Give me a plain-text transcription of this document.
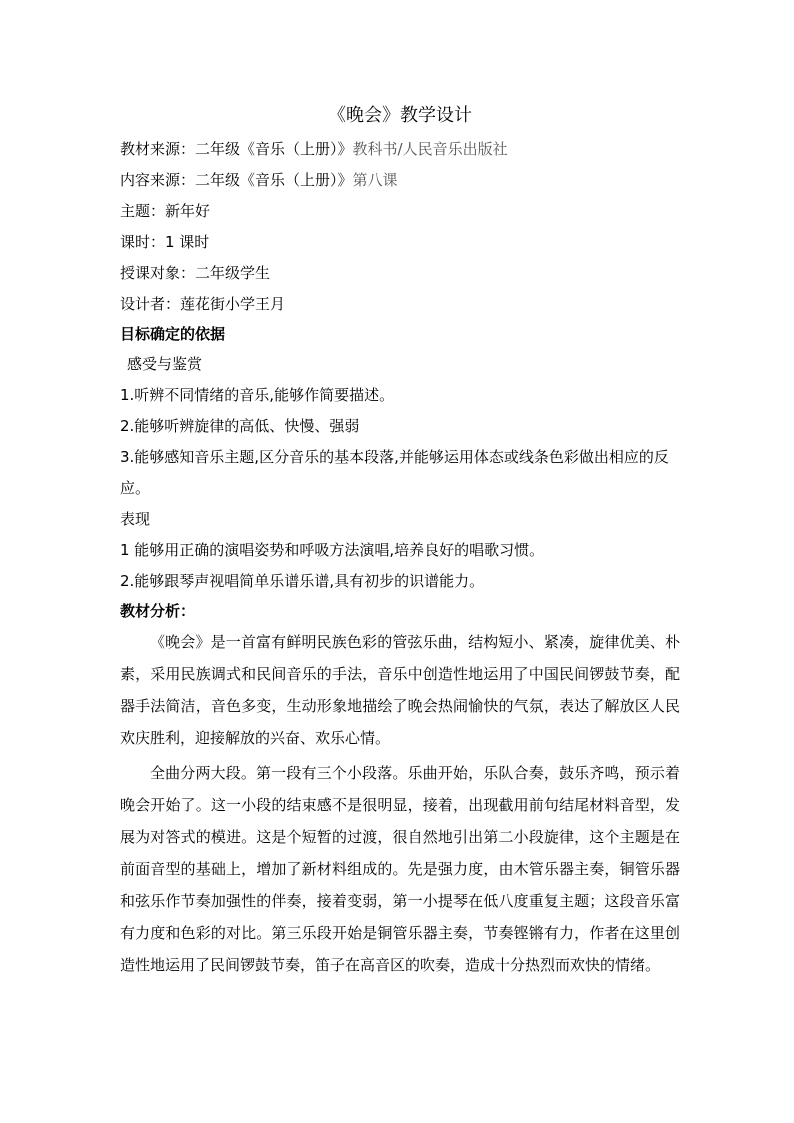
《晚会》教学设计
教材来源：二年级《音乐（上册）》教科书/人民音乐出版社
内容来源：二年级《音乐（上册）》第八课
主题：新年好
课时：1 课时
授课对象：二年级学生
设计者：莲花街小学王月
目标确定的依据
感受与鉴赏
1.听辨不同情绪的音乐,能够作简要描述。
2.能够听辨旋律的高低、快慢、强弱
3.能够感知音乐主题,区分音乐的基本段落,并能够运用体态或线条色彩做出相应的反应。
表现
1 能够用正确的演唱姿势和呼吸方法演唱,培养良好的唱歌习惯。
2.能够跟琴声视唱简单乐谱乐谱,具有初步的识谱能力。
教材分析：

《晚会》是一首富有鲜明民族色彩的管弦乐曲，结构短小、紧凑，旋律优美、朴素，采用民族调式和民间音乐的手法，音乐中创造性地运用了中国民间锣鼓节奏，配器手法简洁，音色多变，生动形象地描绘了晚会热闹愉快的气氛，表达了解放区人民欢庆胜利，迎接解放的兴奋、欢乐心情。

全曲分两大段。第一段有三个小段落。乐曲开始，乐队合奏，鼓乐齐鸣，预示着晚会开始了。这一小段的结束感不是很明显，接着，出现截用前句结尾材料音型，发展为对答式的模进。这是个短暂的过渡，很自然地引出第二小段旋律，这个主题是在前面音型的基础上，增加了新材料组成的。先是强力度，由木管乐器主奏，铜管乐器和弦乐作节奏加强性的伴奏，接着变弱，第一小提琴在低八度重复主题；这段音乐富有力度和色彩的对比。第三乐段开始是铜管乐器主奏，节奏铿锵有力，作者在这里创造性地运用了民间锣鼓节奏，笛子在高音区的吹奏，造成十分热烈而欢快的情绪。
